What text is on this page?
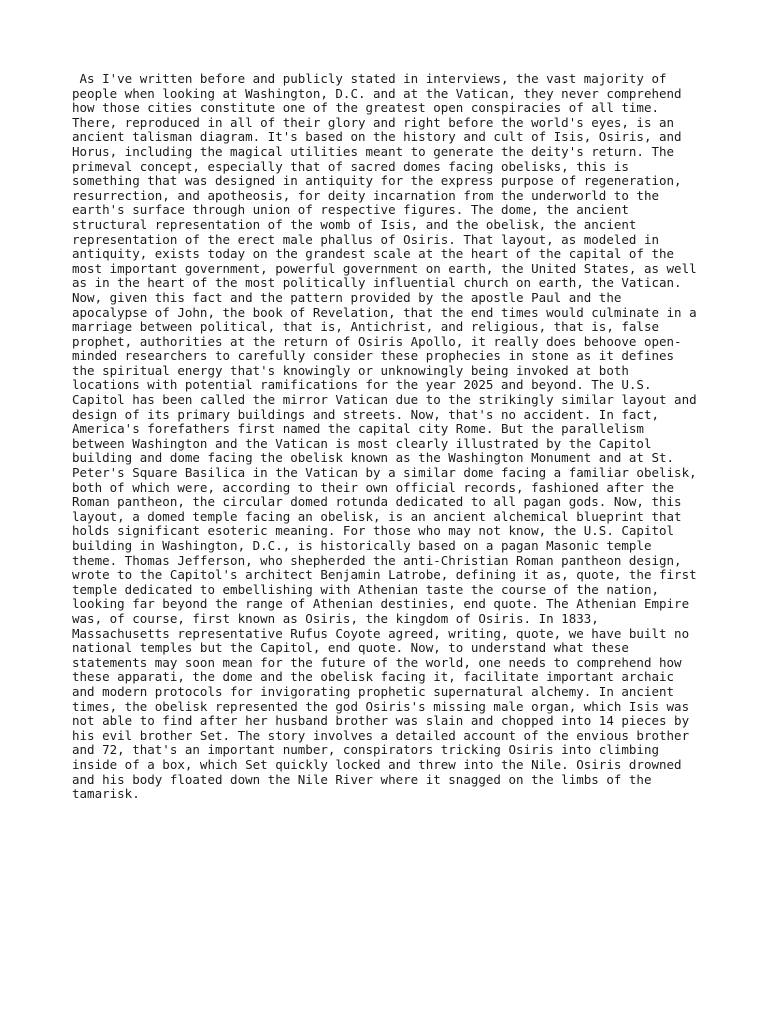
As I've written before and publicly stated in interviews, the vast majority of
people when looking at Washington, D.C. and at the Vatican, they never comprehend
how those cities constitute one of the greatest open conspiracies of all time.
There, reproduced in all of their glory and right before the world's eyes, is an
ancient talisman diagram. It's based on the history and cult of Isis, Osiris, and
Horus, including the magical utilities meant to generate the deity's return. The
primeval concept, especially that of sacred domes facing obelisks, this is
something that was designed in antiquity for the express purpose of regeneration,
resurrection, and apotheosis, for deity incarnation from the underworld to the
earth's surface through union of respective figures. The dome, the ancient
structural representation of the womb of Isis, and the obelisk, the ancient
representation of the erect male phallus of Osiris. That layout, as modeled in
antiquity, exists today on the grandest scale at the heart of the capital of the
most important government, powerful government on earth, the United States, as well
as in the heart of the most politically influential church on earth, the Vatican.
Now, given this fact and the pattern provided by the apostle Paul and the
apocalypse of John, the book of Revelation, that the end times would culminate in a
marriage between political, that is, Antichrist, and religious, that is, false
prophet, authorities at the return of Osiris Apollo, it really does behoove open-
minded researchers to carefully consider these prophecies in stone as it defines
the spiritual energy that's knowingly or unknowingly being invoked at both
locations with potential ramifications for the year 2025 and beyond. The U.S.
Capitol has been called the mirror Vatican due to the strikingly similar layout and
design of its primary buildings and streets. Now, that's no accident. In fact,
America's forefathers first named the capital city Rome. But the parallelism
between Washington and the Vatican is most clearly illustrated by the Capitol
building and dome facing the obelisk known as the Washington Monument and at St.
Peter's Square Basilica in the Vatican by a similar dome facing a familiar obelisk,
both of which were, according to their own official records, fashioned after the
Roman pantheon, the circular domed rotunda dedicated to all pagan gods. Now, this
layout, a domed temple facing an obelisk, is an ancient alchemical blueprint that
holds significant esoteric meaning. For those who may not know, the U.S. Capitol
building in Washington, D.C., is historically based on a pagan Masonic temple
theme. Thomas Jefferson, who shepherded the anti-Christian Roman pantheon design,
wrote to the Capitol's architect Benjamin Latrobe, defining it as, quote, the first
temple dedicated to embellishing with Athenian taste the course of the nation,
looking far beyond the range of Athenian destinies, end quote. The Athenian Empire
was, of course, first known as Osiris, the kingdom of Osiris. In 1833,
Massachusetts representative Rufus Coyote agreed, writing, quote, we have built no
national temples but the Capitol, end quote. Now, to understand what these
statements may soon mean for the future of the world, one needs to comprehend how
these apparati, the dome and the obelisk facing it, facilitate important archaic
and modern protocols for invigorating prophetic supernatural alchemy. In ancient
times, the obelisk represented the god Osiris's missing male organ, which Isis was
not able to find after her husband brother was slain and chopped into 14 pieces by
his evil brother Set. The story involves a detailed account of the envious brother
and 72, that's an important number, conspirators tricking Osiris into climbing
inside of a box, which Set quickly locked and threw into the Nile. Osiris drowned
and his body floated down the Nile River where it snagged on the limbs of the
tamarisk.
